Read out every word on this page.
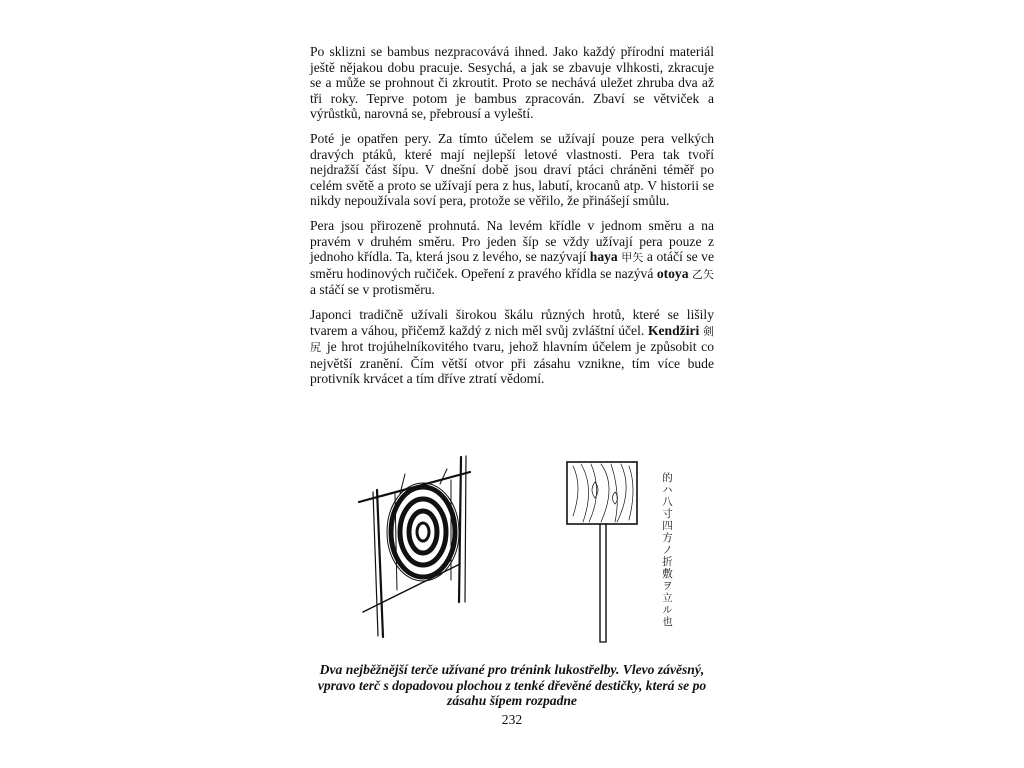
Po sklizni se bambus nezpracovává ihned. Jako každý přírodní materiál ještě nějakou dobu pracuje. Sesychá, a jak se zbavuje vlhkosti, zkracuje se a může se prohnout či zkroutit. Proto se nechává uležet zhruba dva až tři roky. Teprve potom je bambus zpracován. Zbaví se větviček a výrůstků, narovná se, přebrousí a vyleští.

Poté je opatřen pery. Za tímto účelem se užívají pouze pera velkých dravých ptáků, které mají nejlepší letové vlastnosti. Pera tak tvoří nejdražší část šípu. V dnešní době jsou draví ptáci chráněni téměř po celém světě a proto se užívají pera z hus, labutí, krocanů atp. V historii se nikdy nepoužívala soví pera, protože se věřilo, že přinášejí smůlu.

Pera jsou přirozeně prohnutá. Na levém křídle v jednom směru a na pravém v druhém směru. Pro jeden šíp se vždy užívají pera pouze z jednoho křídla. Ta, která jsou z levého, se nazývají haya 甲矢 a otáčí se ve směru hodinových ručiček. Opeření z pravého křídla se nazývá otoya 乙矢 a stáčí se v protisměru.

Japonci tradičně užívali širokou škálu různých hrotů, které se lišily tvarem a váhou, přičemž každý z nich měl svůj zvláštní účel. Kendžiri 剣尻 je hrot trojúhelníkovitého tvaru, jehož hlavním účelem je způsobit co největší zranění. Čím větší otvor při zásahu vznikne, tím více bude protivník krvácet a tím dříve ztratí vědomí.

的ハ八寸四方ノ折敷ヲ立ル也
Dva nejběžnější terče užívané pro trénink lukostřelby. Vlevo závěsný, vpravo terč s dopadovou plochou z tenké dřevěné destičky, která se po zásahu šípem rozpadne
232
